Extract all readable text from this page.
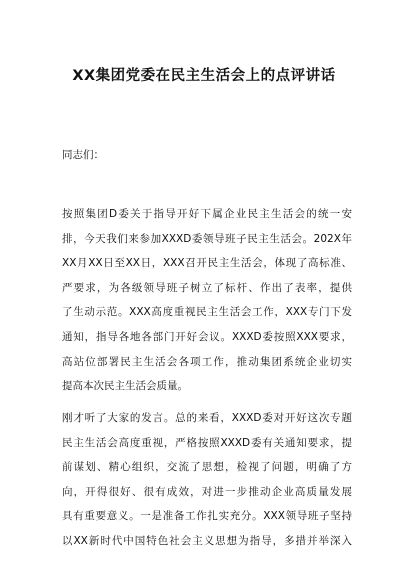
XX集团党委在民主生活会上的点评讲话
同志们：
按照集团D委关于指导开好下属企业民主生活会的统一安
排，今天我们来参加XXXD委领导班子民主生活会。202X年
XX月XX日至XX日，XXX召开民主生活会，体现了高标准、
严要求，为各级领导班子树立了标杆、作出了表率，提供
了生动示范。XXX高度重视民主生活会工作，XXX专门下发
通知，指导各地各部门开好会议。XXXD委按照XXX要求，
高站位部署民主生活会各项工作，推动集团系统企业切实
提高本次民主生活会质量。
刚才听了大家的发言。总的来看，XXXD委对开好这次专题
民主生活会高度重视，严格按照XXXD委有关通知要求，提
前谋划、精心组织，交流了思想，检视了问题，明确了方
向，开得很好、很有成效，对进一步推动企业高质量发展
具有重要意义。一是准备工作扎实充分。XXX领导班子坚持
以XX新时代中国特色社会主义思想为指导，多措并举深入
